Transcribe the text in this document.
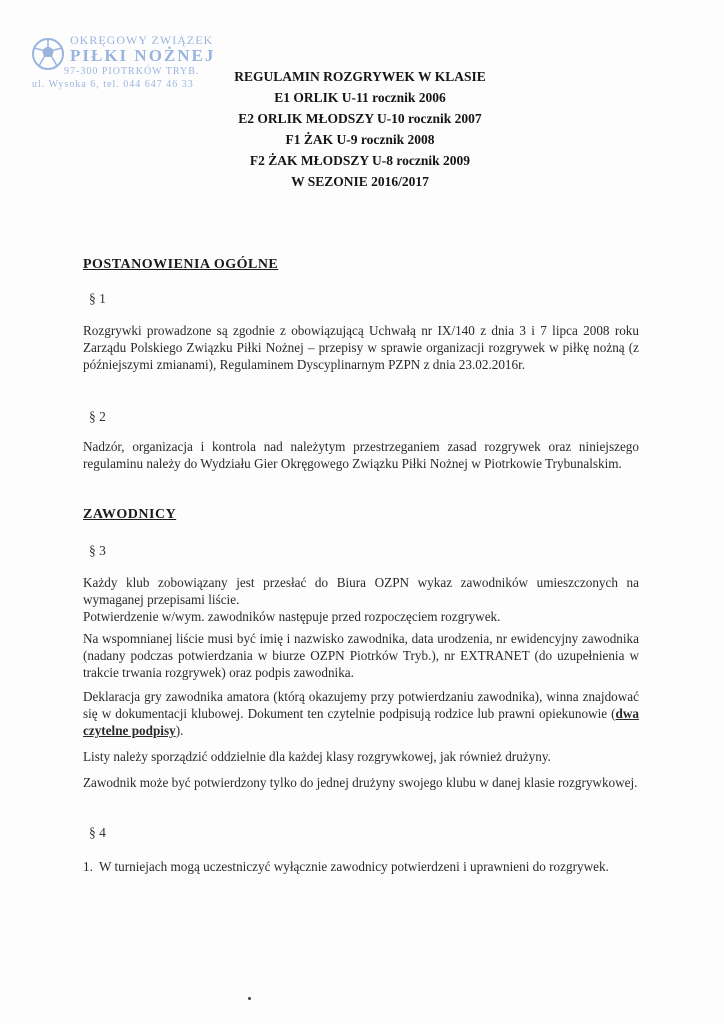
OKRĘGOWY ZWIĄZEK
PIŁKI NOŻNEJ
97-300 PIOTRKÓW TRYB.
ul. Wysoka 6, tel. 044 647 46 33
REGULAMIN ROZGRYWEK W KLASIE
E1 ORLIK U-11 rocznik 2006
E2 ORLIK MŁODSZY U-10 rocznik 2007
F1 ŻAK U-9 rocznik 2008
F2 ŻAK MŁODSZY U-8 rocznik 2009
W SEZONIE 2016/2017
POSTANOWIENIA OGÓLNE
§ 1
Rozgrywki prowadzone są zgodnie z obowiązującą Uchwałą nr IX/140 z dnia 3 i 7 lipca 2008 roku Zarządu Polskiego Związku Piłki Nożnej – przepisy w sprawie organizacji rozgrywek w piłkę nożną (z późniejszymi zmianami), Regulaminem Dyscyplinarnym PZPN z dnia 23.02.2016r.
§ 2
Nadzór, organizacja i kontrola nad należytym przestrzeganiem zasad rozgrywek oraz niniejszego regulaminu należy do Wydziału Gier Okręgowego Związku Piłki Nożnej w Piotrkowie Trybunalskim.
ZAWODNICY
§ 3
Każdy klub zobowiązany jest przesłać do Biura OZPN wykaz zawodników umieszczonych na wymaganej przepisami liście.
Potwierdzenie w/wym. zawodników następuje przed rozpoczęciem rozgrywek.
Na wspomnianej liście musi być imię i nazwisko zawodnika, data urodzenia, nr ewidencyjny zawodnika (nadany podczas potwierdzania w biurze OZPN Piotrków Tryb.), nr EXTRANET (do uzupełnienia w trakcie trwania rozgrywek) oraz podpis zawodnika.
Deklaracja gry zawodnika amatora (którą okazujemy przy potwierdzaniu zawodnika), winna znajdować się w dokumentacji klubowej. Dokument ten czytelnie podpisują rodzice lub prawni opiekunowie (dwa czytelne podpisy).
Listy należy sporządzić oddzielnie dla każdej klasy rozgrywkowej, jak również drużyny.
Zawodnik może być potwierdzony tylko do jednej drużyny swojego klubu w danej klasie rozgrywkowej.
§ 4
1. W turniejach mogą uczestniczyć wyłącznie zawodnicy potwierdzeni i uprawnieni do rozgrywek.
